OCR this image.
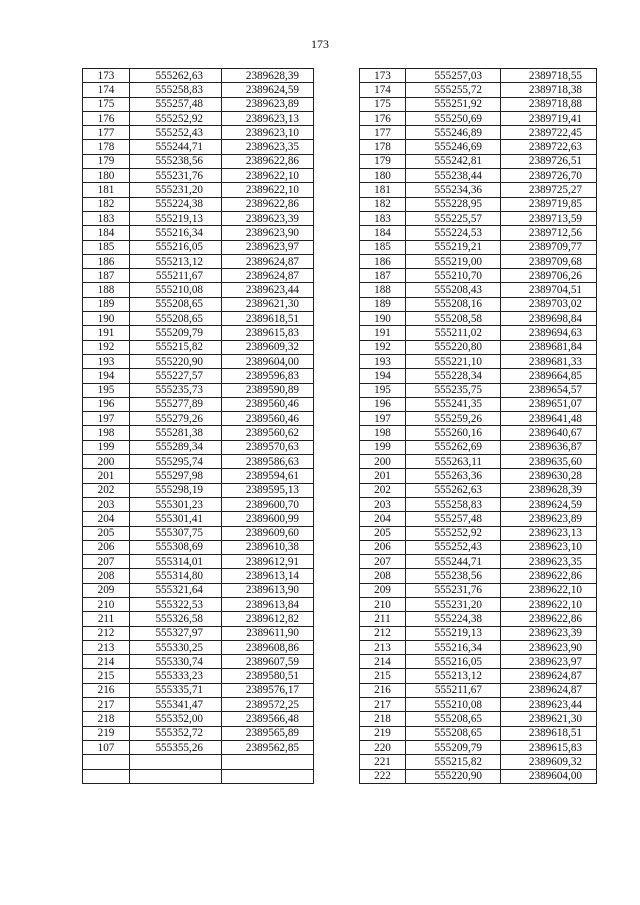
173
173	555262,63	2389628,39		173	555257,03	2389718,55
174	555258,83	2389624,59		174	555255,72	2389718,38
175	555257,48	2389623,89		175	555251,92	2389718,88
176	555252,92	2389623,13		176	555250,69	2389719,41
177	555252,43	2389623,10		177	555246,89	2389722,45
178	555244,71	2389623,35		178	555246,69	2389722,63
179	555238,56	2389622,86		179	555242,81	2389726,51
180	555231,76	2389622,10		180	555238,44	2389726,70
181	555231,20	2389622,10		181	555234,36	2389725,27
182	555224,38	2389622,86		182	555228,95	2389719,85
183	555219,13	2389623,39		183	555225,57	2389713,59
184	555216,34	2389623,90		184	555224,53	2389712,56
185	555216,05	2389623,97		185	555219,21	2389709,77
186	555213,12	2389624,87		186	555219,00	2389709,68
187	555211,67	2389624,87		187	555210,70	2389706,26
188	555210,08	2389623,44		188	555208,43	2389704,51
189	555208,65	2389621,30		189	555208,16	2389703,02
190	555208,65	2389618,51		190	555208,58	2389698,84
191	555209,79	2389615,83		191	555211,02	2389694,63
192	555215,82	2389609,32		192	555220,80	2389681,84
193	555220,90	2389604,00		193	555221,10	2389681,33
194	555227,57	2389596,83		194	555228,34	2389664,85
195	555235,73	2389590,89		195	555235,75	2389654,57
196	555277,89	2389560,46		196	555241,35	2389651,07
197	555279,26	2389560,46		197	555259,26	2389641,48
198	555281,38	2389560,62		198	555260,16	2389640,67
199	555289,34	2389570,63		199	555262,69	2389636,87
200	555295,74	2389586,63		200	555263,11	2389635,60
201	555297,98	2389594,61		201	555263,36	2389630,28
202	555298,19	2389595,13		202	555262,63	2389628,39
203	555301,23	2389600,70		203	555258,83	2389624,59
204	555301,41	2389600,99		204	555257,48	2389623,89
205	555307,75	2389609,60		205	555252,92	2389623,13
206	555308,69	2389610,38		206	555252,43	2389623,10
207	555314,01	2389612,91		207	555244,71	2389623,35
208	555314,80	2389613,14		208	555238,56	2389622,86
209	555321,64	2389613,90		209	555231,76	2389622,10
210	555322,53	2389613,84		210	555231,20	2389622,10
211	555326,58	2389612,82		211	555224,38	2389622,86
212	555327,97	2389611,90		212	555219,13	2389623,39
213	555330,25	2389608,86		213	555216,34	2389623,90
214	555330,74	2389607,59		214	555216,05	2389623,97
215	555333,23	2389580,51		215	555213,12	2389624,87
216	555335,71	2389576,17		216	555211,67	2389624,87
217	555341,47	2389572,25		217	555210,08	2389623,44
218	555352,00	2389566,48		218	555208,65	2389621,30
219	555352,72	2389565,89		219	555208,65	2389618,51
107	555355,26	2389562,85		220	555209,79	2389615,83
				221	555215,82	2389609,32
				222	555220,90	2389604,00
